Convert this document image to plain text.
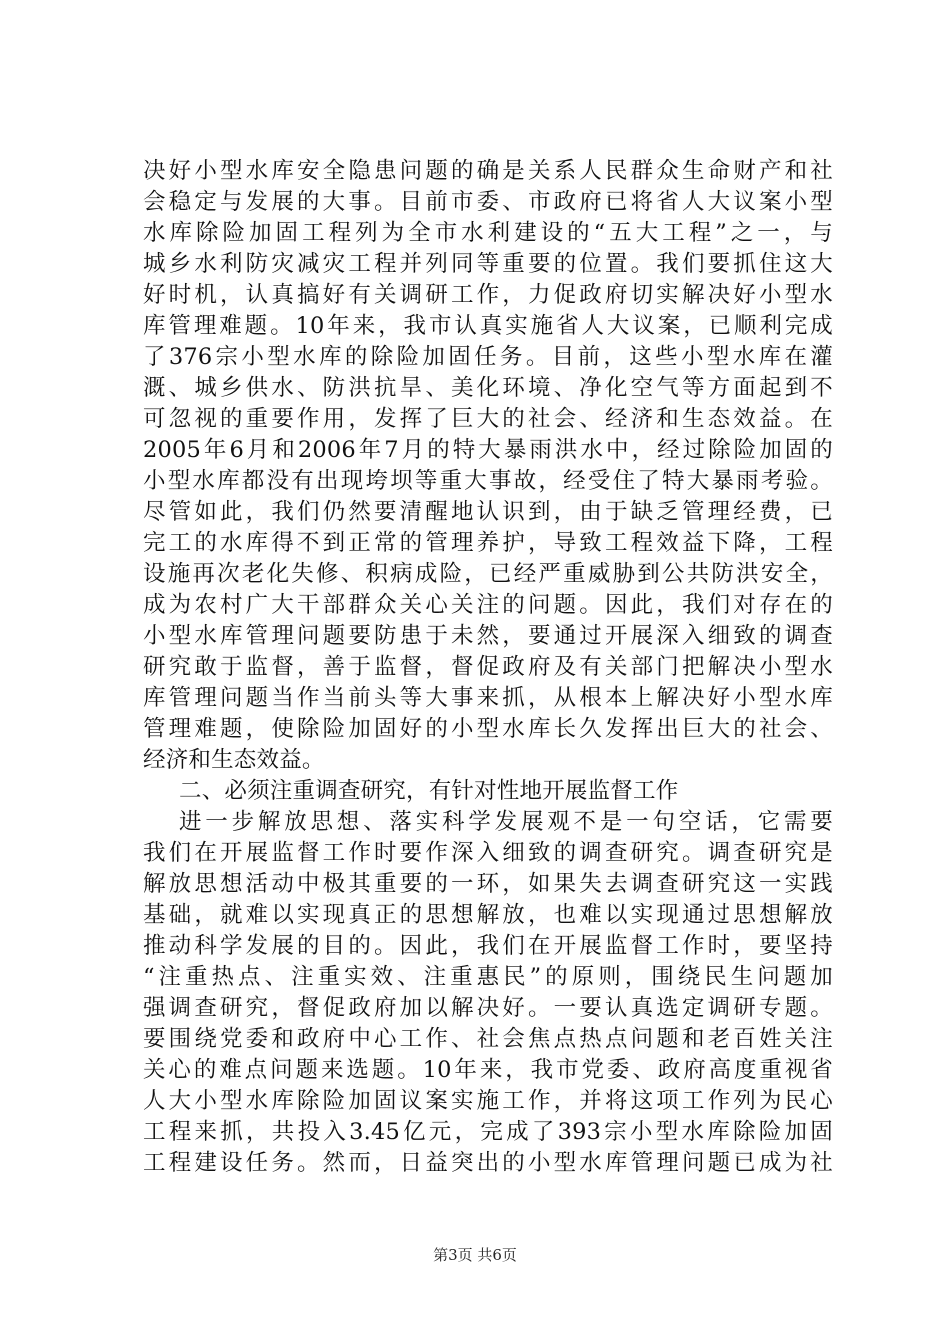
决好小型水库安全隐患问题的确是关系人民群众生命财产和社
会稳定与发展的大事。目前市委、市政府已将省人大议案小型
水库除险加固工程列为全市水利建设的“五大工程”之一，与
城乡水利防灾减灾工程并列同等重要的位置。我们要抓住这大
好时机，认真搞好有关调研工作，力促政府切实解决好小型水
库管理难题。10年来，我市认真实施省人大议案，已顺利完成
了376宗小型水库的除险加固任务。目前，这些小型水库在灌
溉、城乡供水、防洪抗旱、美化环境、净化空气等方面起到不
可忽视的重要作用，发挥了巨大的社会、经济和生态效益。在
2005年6月和2006年7月的特大暴雨洪水中，经过除险加固的
小型水库都没有出现垮坝等重大事故，经受住了特大暴雨考验。
尽管如此，我们仍然要清醒地认识到，由于缺乏管理经费，已
完工的水库得不到正常的管理养护，导致工程效益下降，工程
设施再次老化失修、积病成险，已经严重威胁到公共防洪安全，
成为农村广大干部群众关心关注的问题。因此，我们对存在的
小型水库管理问题要防患于未然，要通过开展深入细致的调查
研究敢于监督，善于监督，督促政府及有关部门把解决小型水
库管理问题当作当前头等大事来抓，从根本上解决好小型水库
管理难题，使除险加固好的小型水库长久发挥出巨大的社会、
经济和生态效益。
二、必须注重调查研究，有针对性地开展监督工作
进一步解放思想、落实科学发展观不是一句空话，它需要
我们在开展监督工作时要作深入细致的调查研究。调查研究是
解放思想活动中极其重要的一环，如果失去调查研究这一实践
基础，就难以实现真正的思想解放，也难以实现通过思想解放
推动科学发展的目的。因此，我们在开展监督工作时，要坚持
“注重热点、注重实效、注重惠民”的原则，围绕民生问题加
强调查研究，督促政府加以解决好。一要认真选定调研专题。
要围绕党委和政府中心工作、社会焦点热点问题和老百姓关注
关心的难点问题来选题。10年来，我市党委、政府高度重视省
人大小型水库除险加固议案实施工作，并将这项工作列为民心
工程来抓，共投入3.45亿元，完成了393宗小型水库除险加固
工程建设任务。然而，日益突出的小型水库管理问题已成为社
第3页 共6页
